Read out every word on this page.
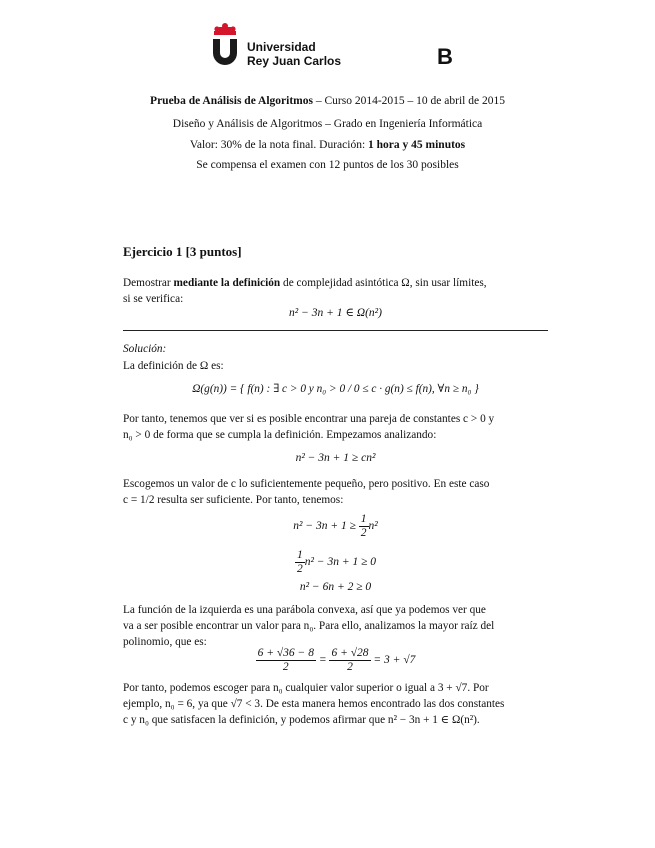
Universidad
Rey Juan Carlos	B
Prueba de Análisis de Algoritmos – Curso 2014-2015 – 10 de abril de 2015
Diseño y Análisis de Algoritmos – Grado en Ingeniería Informática
Valor: 30% de la nota final. Duración: 1 hora y 45 minutos
Se compensa el examen con 12 puntos de los 30 posibles
Ejercicio 1 [3 puntos]
Demostrar mediante la definición de complejidad asintótica Ω, sin usar límites,
si se verifica:
n² − 3n + 1 ∈ Ω(n²)
Solución:
La definición de Ω es:
Ω(g(n)) = { f(n) : ∃ c > 0 y n₀ > 0 / 0 ≤ c · g(n) ≤ f(n), ∀n ≥ n₀ }
Por tanto, tenemos que ver si es posible encontrar una pareja de constantes c > 0 y
n₀ > 0 de forma que se cumpla la definición. Empezamos analizando:
n² − 3n + 1 ≥ cn²
Escogemos un valor de c lo suficientemente pequeño, pero positivo. En este caso
c = 1/2 resulta ser suficiente. Por tanto, tenemos:
$n^2 - 3n + 1 \ge \frac{1}{2} n^2$
$\frac{1}{2} n^2 - 3n + 1 \ge 0$
n² − 6n + 2 ≥ 0
La función de la izquierda es una parábola convexa, así que ya podemos ver que
va a ser posible encontrar un valor para n₀. Para ello, analizamos la mayor raíz del
polinomio, que es:
$\frac{6 + √36 - 8}{2} = \frac{6 + √28}{2} = 3 + √7$
Por tanto, podemos escoger para n₀ cualquier valor superior o igual a 3 + √7. Por
ejemplo, n₀ = 6, ya que √7 < 3. De esta manera hemos encontrado las dos constantes
c y n₀ que satisfacen la definición, y podemos afirmar que n² − 3n + 1 ∈ Ω(n²).
